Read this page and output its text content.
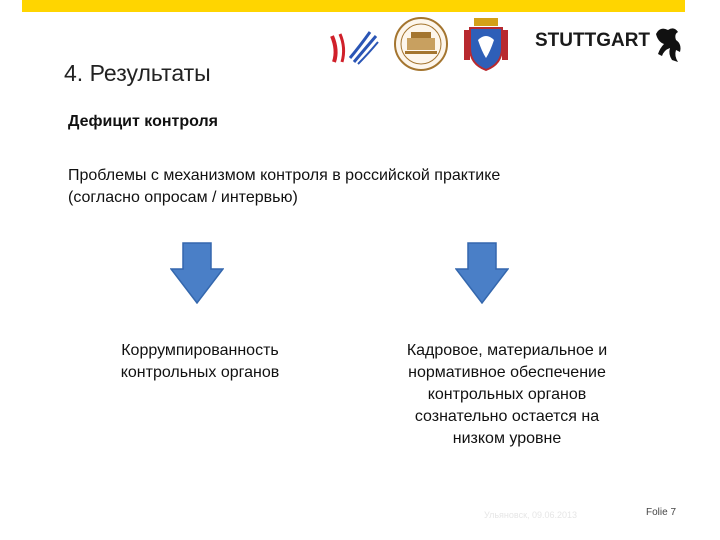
STUTTGART
4. Результаты
Дефицит контроля
Проблемы с механизмом контроля в российской практике
(согласно опросам / интервью)
Коррумпированность
контрольных органов
Кадровое, материальное и
нормативное обеспечение
контрольных органов
сознательно остается на
низком уровне
Ульяновск, 09.06.2013	Folie 7
